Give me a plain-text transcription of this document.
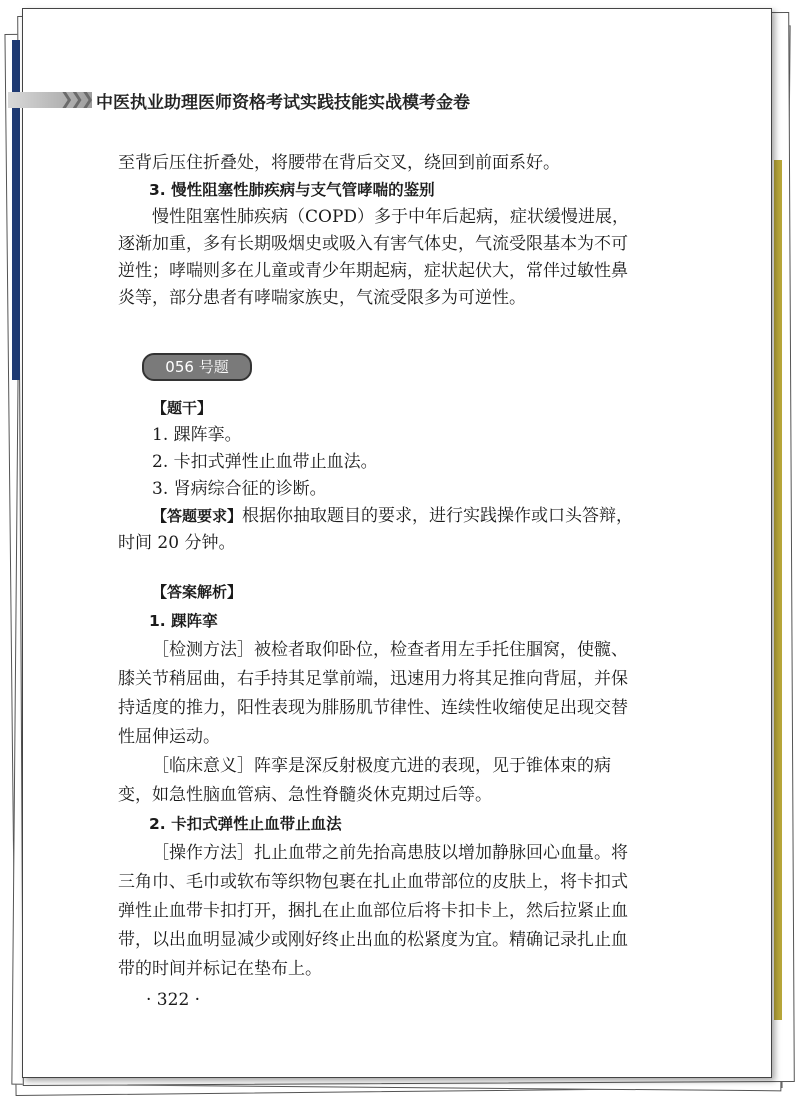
❯❯❯ 中医执业助理医师资格考试实践技能实战模考金卷

至背后压住折叠处，将腰带在背后交叉，绕回到前面系好。

3. 慢性阻塞性肺疾病与支气管哮喘的鉴别

慢性阻塞性肺疾病（COPD）多于中年后起病，症状缓慢进展，逐渐加重，多有长期吸烟史或吸入有害气体史，气流受限基本为不可逆性；哮喘则多在儿童或青少年期起病，症状起伏大，常伴过敏性鼻炎等，部分患者有哮喘家族史，气流受限多为可逆性。

056 号题

【题干】

1. 踝阵挛。

2. 卡扣式弹性止血带止血法。

3. 肾病综合征的诊断。

【答题要求】根据你抽取题目的要求，进行实践操作或口头答辩，时间 20 分钟。

【答案解析】

1. 踝阵挛

［检测方法］被检者取仰卧位，检查者用左手托住腘窝，使髋、膝关节稍屈曲，右手持其足掌前端，迅速用力将其足推向背屈，并保持适度的推力，阳性表现为腓肠肌节律性、连续性收缩使足出现交替性屈伸运动。

［临床意义］阵挛是深反射极度亢进的表现，见于锥体束的病变，如急性脑血管病、急性脊髓炎休克期过后等。

2. 卡扣式弹性止血带止血法

［操作方法］扎止血带之前先抬高患肢以增加静脉回心血量。将三角巾、毛巾或软布等织物包裹在扎止血带部位的皮肤上，将卡扣式弹性止血带卡扣打开，捆扎在止血部位后将卡扣卡上，然后拉紧止血带，以出血明显减少或刚好终止出血的松紧度为宜。精确记录扎止血带的时间并标记在垫布上。

· 322 ·
